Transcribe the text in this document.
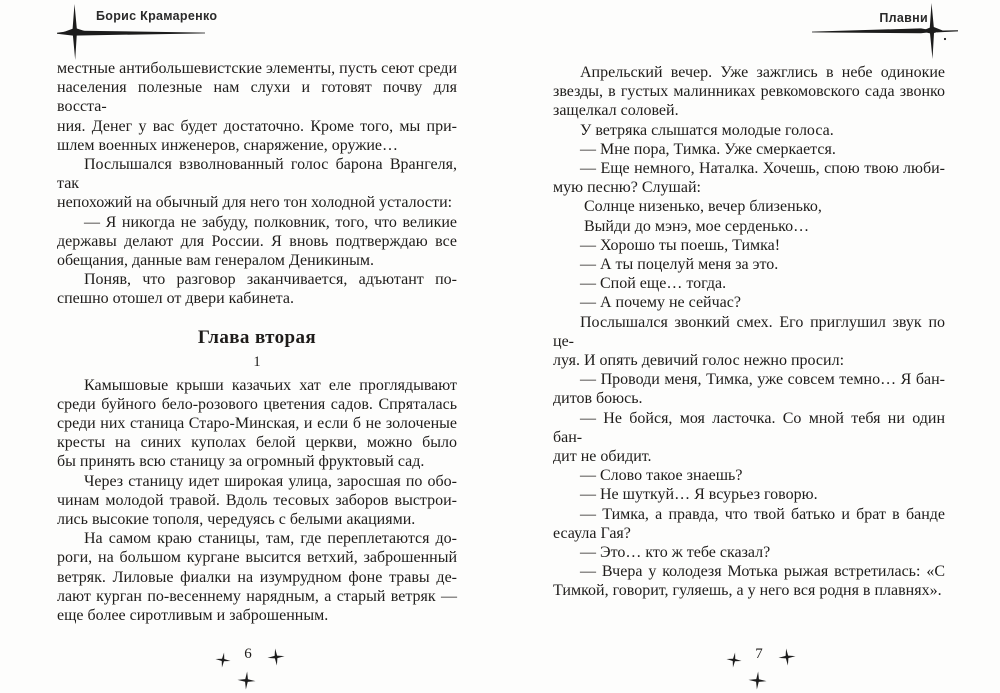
Борис Крамаренко	Плавни
местные антибольшевистские элементы, пусть сеют среди
населения полезные нам слухи и готовят почву для восста-
ния. Денег у вас будет достаточно. Кроме того, мы при-
шлем военных инженеров, снаряжение, оружие…
Послышался взволнованный голос барона Врангеля, так
непохожий на обычный для него тон холодной усталости:
— Я никогда не забуду, полковник, того, что великие
державы делают для России. Я вновь подтверждаю все
обещания, данные вам генералом Деникиным.
Поняв, что разговор заканчивается, адъютант по-
спешно отошел от двери кабинета.
Глава вторая
1
Камышовые крыши казачьих хат еле проглядывают
среди буйного бело-розового цветения садов. Спряталась
среди них станица Старо-Минская, и если б не золоченые
кресты на синих куполах белой церкви, можно было
бы принять всю станицу за огромный фруктовый сад.
Через станицу идет широкая улица, заросшая по обо-
чинам молодой травой. Вдоль тесовых заборов выстрои-
лись высокие тополя, чередуясь с белыми акациями.
На самом краю станицы, там, где переплетаются до-
роги, на большом кургане высится ветхий, заброшенный
ветряк. Лиловые фиалки на изумрудном фоне травы де-
лают курган по-весеннему нарядным, а старый ветряк —
еще более сиротливым и заброшенным.
Апрельский вечер. Уже зажглись в небе одинокие
звезды, в густых малинниках ревкомовского сада звонко
защелкал соловей.
У ветряка слышатся молодые голоса.
— Мне пора, Тимка. Уже смеркается.
— Еще немного, Наталка. Хочешь, спою твою люби-
мую песню? Слушай:
Солнце низенько, вечер близенько,
Выйди до мэнэ, мое серденько…
— Хорошо ты поешь, Тимка!
— А ты поцелуй меня за это.
— Спой еще… тогда.
— А почему не сейчас?
Послышался звонкий смех. Его приглушил звук по це-
луя. И опять девичий голос нежно просил:
— Проводи меня, Тимка, уже совсем темно… Я бан-
дитов боюсь.
— Не бойся, моя ласточка. Со мной тебя ни один бан-
дит не обидит.
— Слово такое знаешь?
— Не шуткуй… Я всурьез говорю.
— Тимка, а правда, что твой батько и брат в банде
есаула Гая?
— Это… кто ж тебе сказал?
— Вчера у колодезя Мотька рыжая встретилась: «С
Тимкой, говорит, гуляешь, а у него вся родня в плавнях».
6	7
